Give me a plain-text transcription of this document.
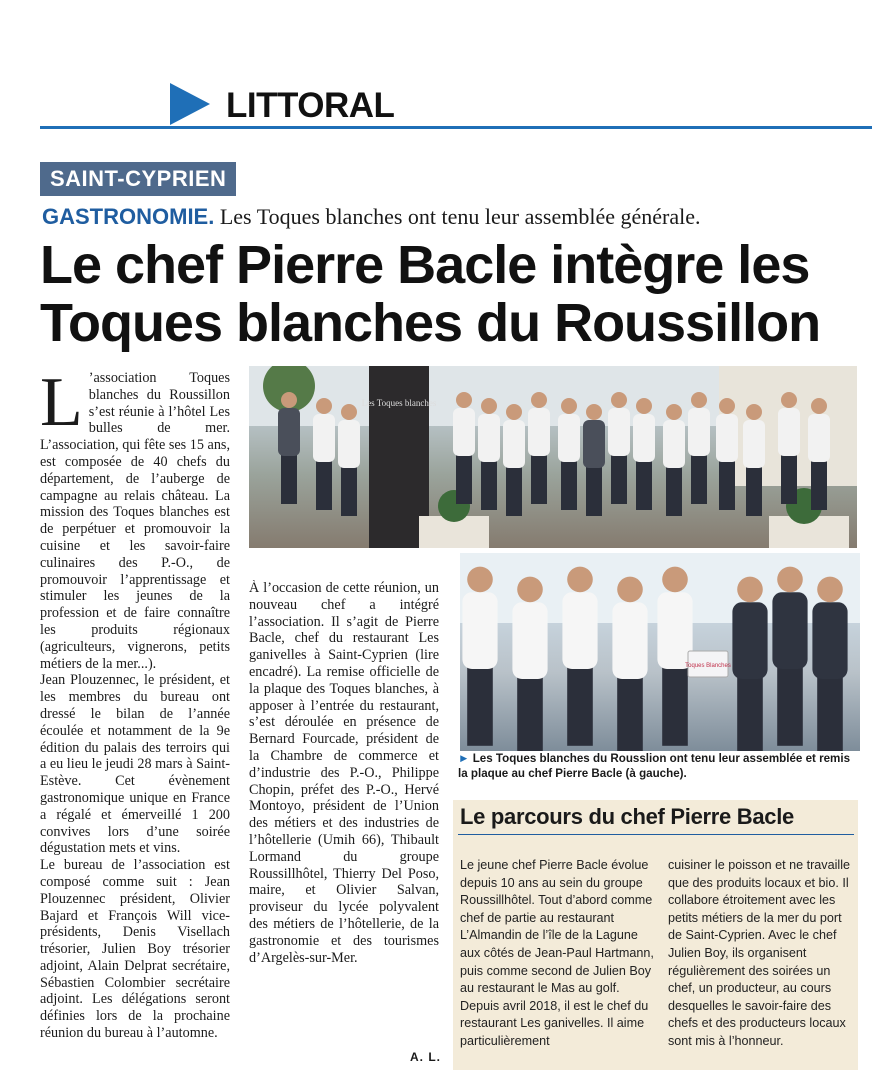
LITTORAL
SAINT-CYPRIEN
GASTRONOMIE. Les Toques blanches ont tenu leur assemblée générale.
Le chef Pierre Bacle intègre les
Toques blanches du Roussillon

L ’association Toques blanches du Roussillon s’est réunie à l’hôtel Les bulles de mer. L’association, qui fête ses 15 ans, est composée de 40 chefs du département, de l’auberge de campagne au relais château. La mission des Toques blanches est de perpétuer et promouvoir la cuisine et les savoir-faire culinaires des P.-O., de promouvoir l’apprentissage et stimuler les jeunes de la profession et de faire connaître les produits régionaux (agriculteurs, vignerons, petits métiers de la mer...).

Jean Plouzennec, le président, et les membres du bureau ont dressé le bilan de l’année écoulée et notamment de la 9e édition du palais des terroirs qui a eu lieu le jeudi 28 mars à Saint-Estève. Cet évènement gastronomique unique en France a régalé et émerveillé 1 200 convives lors d’une soirée dégustation mets et vins.

Le bureau de l’association est composé comme suit : Jean Plouzennec président, Olivier Bajard et François Will vice-présidents, Denis Visellach trésorier, Julien Boy trésorier adjoint, Alain Delprat secrétaire, Sébastien Colombier secrétaire adjoint. Les délégations seront définies lors de la prochaine réunion du bureau à l’automne.

À l’occasion de cette réunion, un nouveau chef a intégré l’association. Il s’agit de Pierre Bacle, chef du restaurant Les ganivelles à Saint-Cyprien (lire encadré). La remise officielle de la plaque des Toques blanches, à apposer à l’entrée du restaurant, s’est déroulée en présence de Bernard Fourcade, président de la Chambre de commerce et d’industrie des P.-O., Philippe Chopin, préfet des P.-O., Hervé Montoyo, président de l’Union des métiers et des industries de l’hôtellerie (Umih 66), Thibault Lormand du groupe Roussillhôtel, Thierry Del Poso, maire, et Olivier Salvan, proviseur du lycée polyvalent des métiers de l’hôtellerie, de la gastronomie et des tourismes d’Argelès-sur-Mer.

A. L.
Les Toques blanches
Toques Blanches
► Les Toques blanches du Rousslion ont tenu leur assemblée et remis la plaque au chef Pierre Bacle (à gauche).
Le parcours du chef Pierre Bacle
Le jeune chef Pierre Bacle évolue depuis 10 ans au sein du groupe Roussillhôtel. Tout d’abord comme chef de partie au restaurant L’Almandin de l’île de la Lagune aux côtés de Jean-Paul Hartmann, puis comme second de Julien Boy au restaurant le Mas au golf. Depuis avril 2018, il est le chef du restaurant Les ganivelles. Il aime particulièrement
cuisiner le poisson et ne travaille que des produits locaux et bio. Il collabore étroitement avec les petits métiers de la mer du port de Saint-Cyprien. Avec le chef Julien Boy, ils organisent régulièrement des soirées un chef, un producteur, au cours desquelles le savoir-faire des chefs et des producteurs locaux sont mis à l’honneur.
